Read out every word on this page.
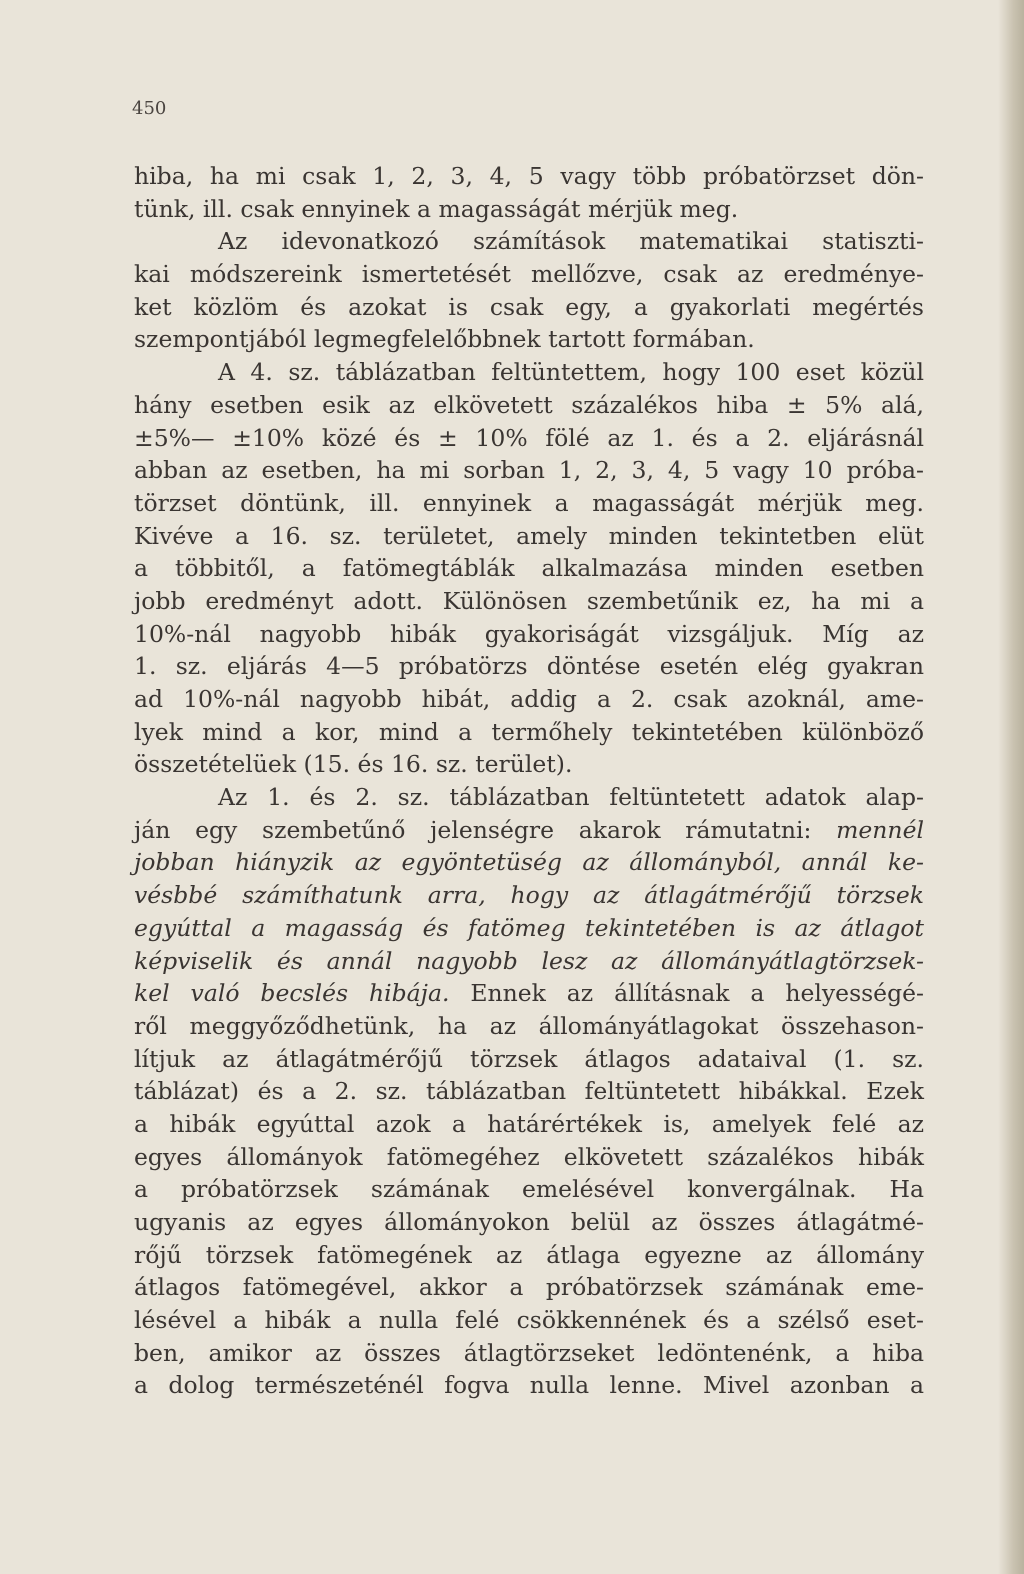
450
hiba, ha mi csak 1, 2, 3, 4, 5 vagy több próbatörzset dön-
tünk, ill. csak ennyinek a magasságát mérjük meg.
Az idevonatkozó számítások matematikai statiszti-
kai módszereink ismertetését mellőzve, csak az eredménye-
ket közlöm és azokat is csak egy, a gyakorlati megértés
szempontjából legmegfelelőbbnek tartott formában.
A 4. sz. táblázatban feltüntettem, hogy 100 eset közül
hány esetben esik az elkövetett százalékos hiba ± 5% alá,
±5%— ±10% közé és ± 10% fölé az 1. és a 2. eljárásnál
abban az esetben, ha mi sorban 1, 2, 3, 4, 5 vagy 10 próba-
törzset döntünk, ill. ennyinek a magasságát mérjük meg.
Kivéve a 16. sz. területet, amely minden tekintetben elüt
a többitől, a fatömegtáblák alkalmazása minden esetben
jobb eredményt adott. Különösen szembetűnik ez, ha mi a
10%-nál nagyobb hibák gyakoriságát vizsgáljuk. Míg az
1. sz. eljárás 4—5 próbatörzs döntése esetén elég gyakran
ad 10%-nál nagyobb hibát, addig a 2. csak azoknál, ame-
lyek mind a kor, mind a termőhely tekintetében különböző
összetételüek (15. és 16. sz. terület).
Az 1. és 2. sz. táblázatban feltüntetett adatok alap-
ján egy szembetűnő jelenségre akarok rámutatni: mennél
jobban hiányzik az egyöntetüség az állományból, annál ke-
vésbbé számíthatunk arra, hogy az átlagátmérőjű törzsek
egyúttal a magasság és fatömeg tekintetében is az átlagot
képviselik és annál nagyobb lesz az állományátlagtörzsek-
kel való becslés hibája. Ennek az állításnak a helyességé-
ről meggyőződhetünk, ha az állományátlagokat összehason-
lítjuk az átlagátmérőjű törzsek átlagos adataival (1. sz.
táblázat) és a 2. sz. táblázatban feltüntetett hibákkal. Ezek
a hibák egyúttal azok a határértékek is, amelyek felé az
egyes állományok fatömegéhez elkövetett százalékos hibák
a próbatörzsek számának emelésével konvergálnak. Ha
ugyanis az egyes állományokon belül az összes átlagátmé-
rőjű törzsek fatömegének az átlaga egyezne az állomány
átlagos fatömegével, akkor a próbatörzsek számának eme-
lésével a hibák a nulla felé csökkennének és a szélső eset-
ben, amikor az összes átlagtörzseket ledöntenénk, a hiba
a dolog természeténél fogva nulla lenne. Mivel azonban a
